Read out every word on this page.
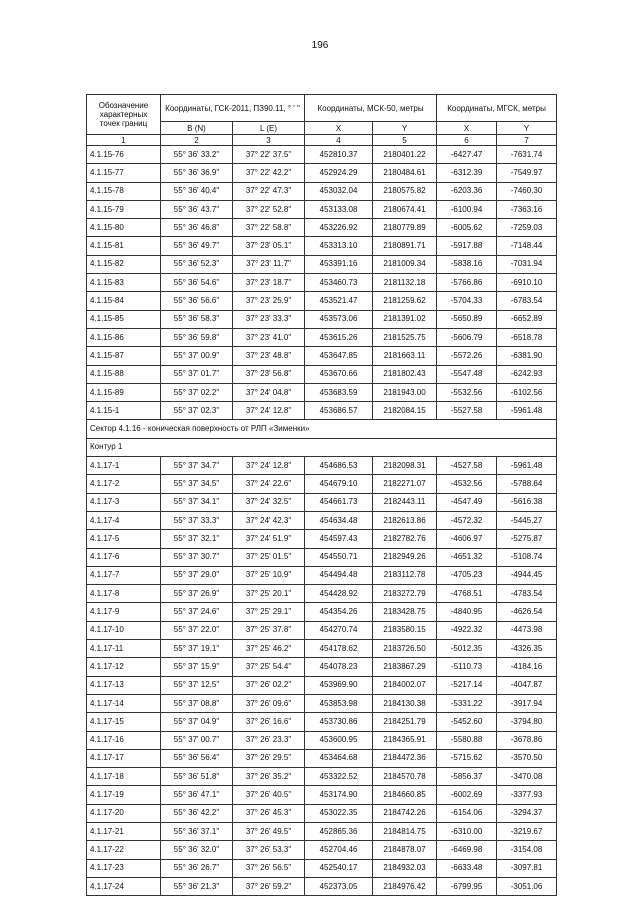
196
Обозначение характерных точек границ	Координаты, ГСК-2011, ПЗ90.11, ° ' "		Координаты, МСК-50, метры		Координаты, МГСК, метры	
	B (N)	L (E)	X	Y	X	Y
1	2	3	4	5	6	7
4.1.15-76	55° 36' 33.2"	37° 22' 37.5"	452810.37	2180401.22	-6427.47	-7631.74
4.1.15-77	55° 36' 36.9"	37° 22' 42.2"	452924.29	2180484.61	-6312.39	-7549.97
4.1.15-78	55° 36' 40.4"	37° 22' 47.3"	453032.04	2180575.82	-6203.36	-7460.30
4.1.15-79	55° 36' 43.7"	37° 22' 52.8"	453133.08	2180674.41	-6100.94	-7363.16
4.1.15-80	55° 36' 46.8"	37° 22' 58.8"	453226.92	2180779.89	-6005.62	-7259.03
4.1.15-81	55° 36' 49.7"	37° 23' 05.1"	453313.10	2180891.71	-5917.88	-7148.44
4.1.15-82	55° 36' 52.3"	37° 23' 11.7"	453391.16	2181009.34	-5838.16	-7031.94
4.1.15-83	55° 36' 54.6"	37° 23' 18.7"	453460.73	2181132.18	-5766.86	-6910.10
4.1.15-84	55° 36' 56.6"	37° 23' 25.9"	453521.47	2181259.62	-5704.33	-6783.54
4.1.15-85	55° 36' 58.3"	37° 23' 33.3"	453573.06	2181391.02	-5650.89	-6652.89
4.1.15-86	55° 36' 59.8"	37° 23' 41.0"	453615.26	2181525.75	-5606.79	-6518.78
4.1.15-87	55° 37' 00.9"	37° 23' 48.8"	453647.85	2181663.11	-5572.26	-6381.90
4.1.15-88	55° 37' 01.7"	37° 23' 56.8"	453670.66	2181802.43	-5547.48	-6242.93
4.1.15-89	55° 37' 02.2"	37° 24' 04.8"	453683.59	2181943.00	-5532.56	-6102.56
4.1.15-1	55° 37' 02.3"	37° 24' 12.8"	453686.57	2182084.15	-5527.58	-5961.48
Сектор 4.1.16 - коническая поверхность от РЛП «Зименки»						
Контур 1						
4.1.17-1	55° 37' 34.7"	37° 24' 12.8"	454686.53	2182098.31	-4527.58	-5961.48
4.1.17-2	55° 37' 34.5"	37° 24' 22.6"	454679.10	2182271.07	-4532.56	-5788.64
4.1.17-3	55° 37' 34.1"	37° 24' 32.5"	454661.73	2182443.11	-4547.49	-5616.38
4.1.17-4	55° 37' 33.3"	37° 24' 42.3"	454634.48	2182613.86	-4572.32	-5445.27
4.1.17-5	55° 37' 32.1"	37° 24' 51.9"	454597.43	2182782.76	-4606.97	-5275.87
4.1.17-6	55° 37' 30.7"	37° 25' 01.5"	454550.71	2182949.26	-4651.32	-5108.74
4.1.17-7	55° 37' 29.0"	37° 25' 10.9"	454494.48	2183112.78	-4705.23	-4944.45
4.1.17-8	55° 37' 26.9"	37° 25' 20.1"	454428.92	2183272.79	-4768.51	-4783.54
4.1.17-9	55° 37' 24.6"	37° 25' 29.1"	454354.26	2183428.75	-4840.95	-4626.54
4.1.17-10	55° 37' 22.0"	37° 25' 37.8"	454270.74	2183580.15	-4922.32	-4473.98
4.1.17-11	55° 37' 19.1"	37° 25' 46.2"	454178.62	2183726.50	-5012.35	-4326.35
4.1.17-12	55° 37' 15.9"	37° 25' 54.4"	454078.23	2183867.29	-5110.73	-4184.16
4.1.17-13	55° 37' 12.5"	37° 26' 02.2"	453969.90	2184002.07	-5217.14	-4047.87
4.1.17-14	55° 37' 08.8"	37° 26' 09.6"	453853.98	2184130.38	-5331.22	-3917.94
4.1.17-15	55° 37' 04.9"	37° 26' 16.6"	453730.86	2184251.79	-5452.60	-3794.80
4.1.17-16	55° 37' 00.7"	37° 26' 23.3"	453600.95	2184365.91	-5580.88	-3678.86
4.1.17-17	55° 36' 56.4"	37° 26' 29.5"	453464.68	2184472.36	-5715.62	-3570.50
4.1.17-18	55° 36' 51.8"	37° 26' 35.2"	453322.52	2184570.78	-5856.37	-3470.08
4.1.17-19	55° 36' 47.1"	37° 26' 40.5"	453174.90	2184660.85	-6002.69	-3377.93
4.1.17-20	55° 36' 42.2"	37° 26' 45.3"	453022.35	2184742.26	-6154.06	-3294.37
4.1.17-21	55° 36' 37.1"	37° 26' 49.5"	452865.36	2184814.75	-6310.00	-3219.67
4.1.17-22	55° 36' 32.0"	37° 26' 53.3"	452704.46	2184878.07	-6469.98	-3154.08
4.1.17-23	55° 36' 26.7"	37° 26' 56.5"	452540.17	2184932.03	-6633.48	-3097.81
4.1.17-24	55° 36' 21.3"	37° 26' 59.2"	452373.05	2184976.42	-6799.95	-3051.06
